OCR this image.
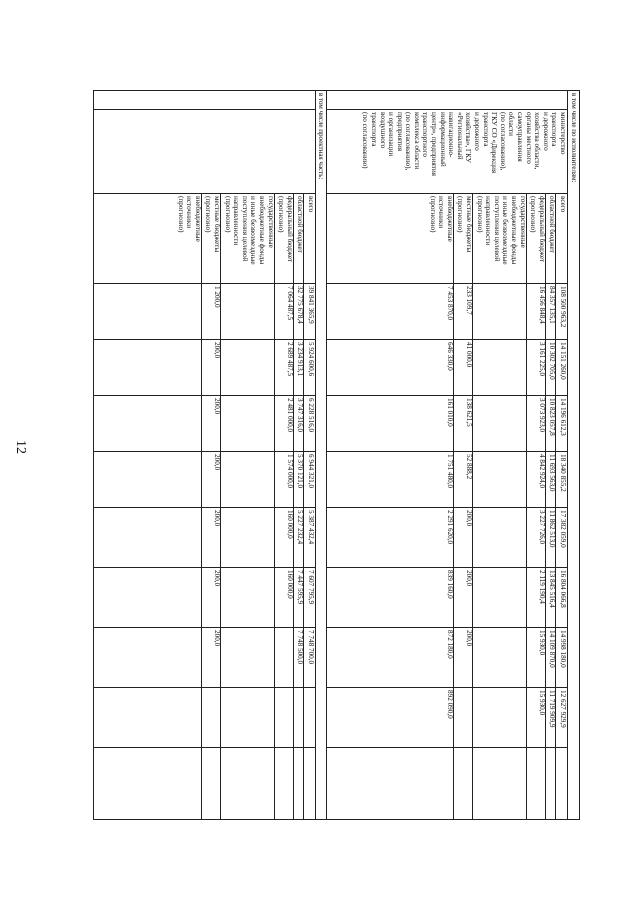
12
в том числе по исполнителям:
всего
108 500 963,2
14 151 260,0
14 196 612,3
18 340 855,2
17 382 059,0
16 804 066,8
14 998 180,0
12 627 929,9
областной бюджет
84 357 135,1
10 302 705,0
10 823 057,8
11 693 563,0
11 862 513,0
13 845 516,4
14 109 870,0
11 719 909,9
федеральный бюджет
(прогнозно)
16 456 848,4
3 161 225,0
3 073 923,0
4 842 924,0
3 227 726,0
2 119 190,4
15 930,0
15 930,0
государственные
внебюджетные фонды
и иные безвозмездные
поступления целевой
направленности
(прогнозно)
местные бюджеты
(прогнозно)
233 109,7
41 000,0
138 621,5
52 888,2
200,0
200,0
200,0
внебюджетные
источники
(прогнозно)
7 453 870,0
646 330,0
161 010,0
1 751 480,0
2 291 620,0
839 160,0
872 180,0
892 090,0
министерство
транспорта
и дорожного
хозяйства области,
органы местного
самоуправления
области
(по согласованию),
ГКУ СО «Дирекция
транспорта
и дорожного
хозяйства», ГКУ
«Региональный
навигационно-
информационный
центр», предприятия
транспортного
комплекса области
(по согласованию),
предприятия
и организации
воздушного
транспорта
(по согласованию)
в том числе проектная часть:
всего
39 841 365,9
5 924 600,6
6 228 516,0
6 944 321,0
5 387 432,4
7 607 795,9
7 748 700,0
областной бюджет
32 775 678,4
3 234 913,1
3 747 316,0
5 370 121,0
5 227 232,4
7 447 595,9
7 748 500,0
федеральный бюджет
(прогнозно)
7 064 487,5
2 689 487,5
2 481 000,0
1 574 000,0
160 000,0
160 000,0
государственные
внебюджетные фонды
и иные безвозмездные
поступления целевой
направленности
(прогнозно)
местные бюджеты
(прогнозно)
1 200,0
200,0
200,0
200,0
200,0
200,0
200,0
внебюджетные
источники
(прогнозно)
